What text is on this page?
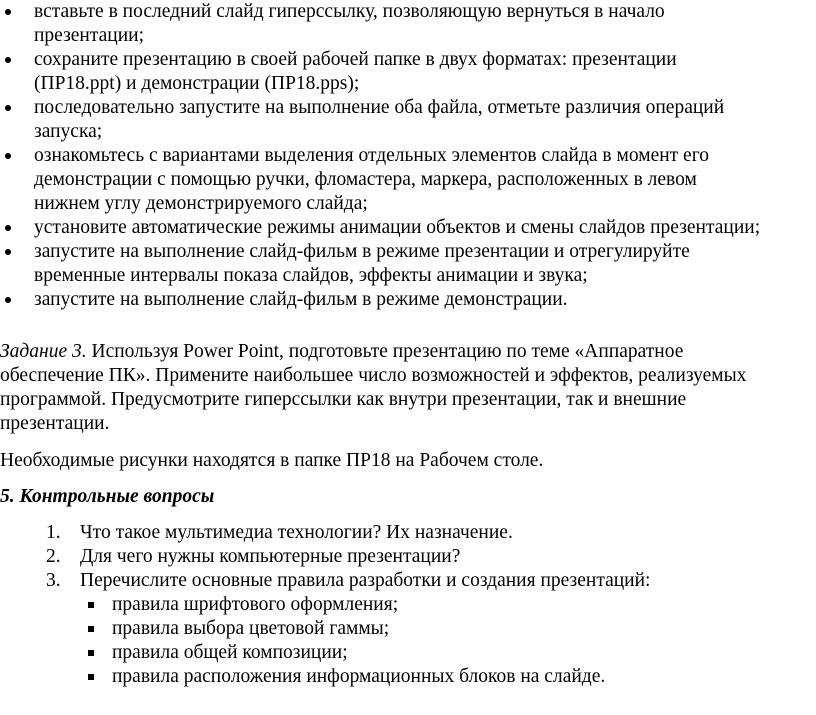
вставьте в последний слайд гиперссылку, позволяющую вернуться в начало
презентации;
сохраните презентацию в своей рабочей папке в двух форматах: презентации
(ПР18.ppt) и демонстрации (ПР18.pps);
последовательно запустите на выполнение оба файла, отметьте различия операций
запуска;
ознакомьтесь с вариантами выделения отдельных элементов слайда в момент его
демонстрации с помощью ручки, фломастера, маркера, расположенных в левом
нижнем углу демонстрируемого слайда;
установите автоматические режимы анимации объектов и смены слайдов презентации;
запустите на выполнение слайд-фильм в режиме презентации и отрегулируйте
временные интервалы показа слайдов, эффекты анимации и звука;
запустите на выполнение слайд-фильм в режиме демонстрации.

Задание 3. Используя Power Point, подготовьте презентацию по теме «Аппаратное
обеспечение ПК». Примените наибольшее число возможностей и эффектов, реализуемых
программой. Предусмотрите гиперссылки как внутри презентации, так и внешние
презентации.

Необходимые рисунки находятся в папке ПР18 на Рабочем столе.

5. Контрольные вопросы

1. Что такое мультимедиа технологии? Их назначение.
2. Для чего нужны компьютерные презентации?
3. Перечислите основные правила разработки и создания презентаций:
правила шрифтового оформления;
правила выбора цветовой гаммы;
правила общей композиции;
правила расположения информационных блоков на слайде.
